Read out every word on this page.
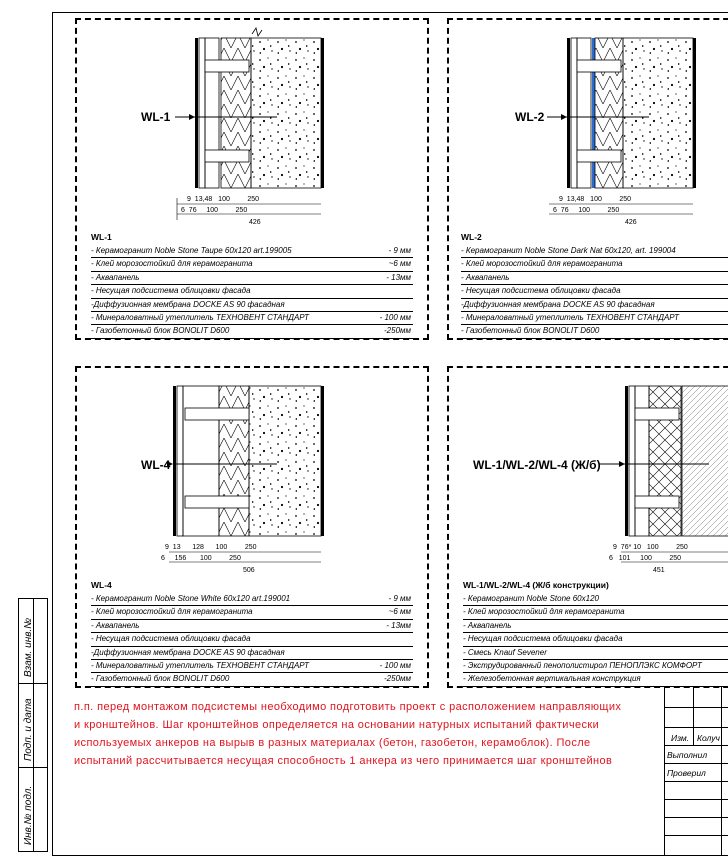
Взам. инв.№
Подп. и дата
Инв.№ подл.
WL-1
9 13,48 100	250
6 76 100	250
426
WL-1
- Керамогранит Noble Stone Taupe 60x120 art.199005	- 9 мм
- Клей морозостойкий для керамогранита	~6 мм
- Аквапанель	- 13мм
- Несущая подсистема облицовки фасада
-Диффузионная мембрана DOCKE AS 90 фасадная
- Минераловатный утеплитель ТЕХНОВЕНТ СТАНДАРТ	- 100 мм
- Газобетонный блок BONOLIT D600	-250мм
WL-2
9 13,48 100	250
6 76 100	250
426
WL-2
- Керамогранит Noble Stone Dark Nat 60x120, art. 199004
- Клей морозостойкий для керамогранита
- Аквапанель
- Несущая подсистема облицовки фасада
-Диффузионная мембрана DOCKE AS 90 фасадная
- Минераловатный утеплитель ТЕХНОВЕНТ СТАНДАРТ
- Газобетонный блок BONOLIT D600
WL-4
9 13 128 100	250
6 156 100	250
506
WL-4
- Керамогранит Noble Stone White 60x120 art.199001	- 9 мм
- Клей морозостойкий для керамогранита	~6 мм
- Аквапанель	- 13мм
- Несущая подсистема облицовки фасада
-Диффузионная мембрана DOCKE AS 90 фасадная
- Минераловатный утеплитель ТЕХНОВЕНТ СТАНДАРТ	- 100 мм
- Газобетонный блок BONOLIT D600	-250мм
WL-1/WL-2/WL-4 (Ж/б)
9 76* 10 100	250
6 101 100	250
451
WL-1/WL-2/WL-4 (Ж/б конструкции)
- Керамогранит Noble Stone 60x120
- Клей морозостойкий для керамогранита
- Аквапанель
- Несущая подсистема облицовки фасада
- Смесь Knauf Sevener
- Экструдированный пенополистирол ПЕНОПЛЭКС КОМФОРТ
- Железобетонная вертикальная конструкция
п.п. перед монтажом подсистемы необходимо подготовить проект с расположением направляющих
и кронштейнов. Шаг кронштейнов определяется на основании натурных испытаний фактически
используемых анкеров на вырыв в разных материалах (бетон, газобетон, керамоблок). После
испытаний рассчитывается несущая способность 1 анкера из чего принимается шаг кронштейнов
Изм. Колуч
Выполнил
Проверил
